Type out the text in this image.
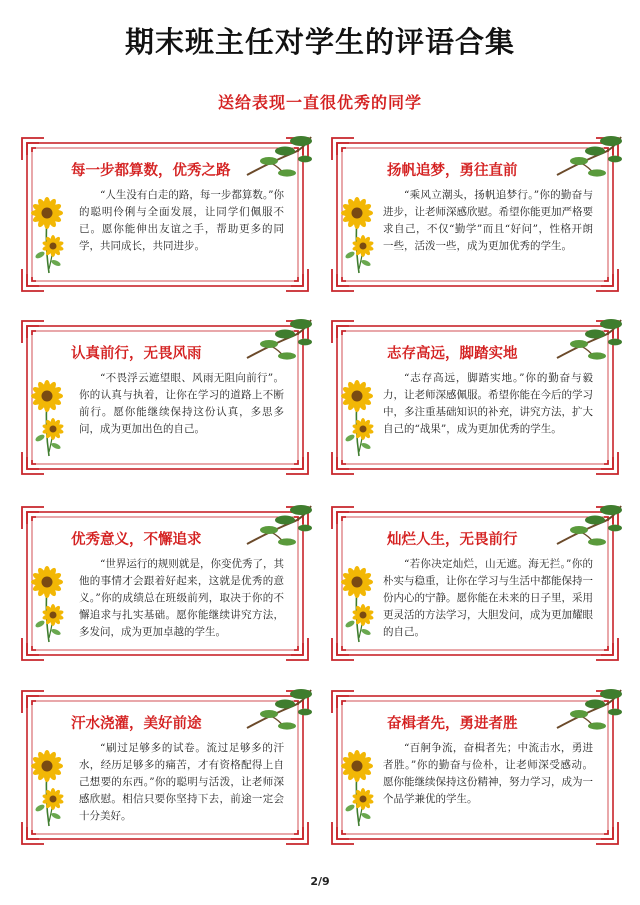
期末班主任对学生的评语合集
送给表现一直很优秀的同学
每一步都算数，优秀之路
“人生没有白走的路，每一步都算数。”你的聪明伶俐与全面发展，让同学们佩服不已。愿你能伸出友谊之手，帮助更多的同学，共同成长，共同进步。
扬帆追梦，勇往直前
“乘风立潮头，扬帆追梦行。”你的勤奋与进步，让老师深感欣慰。希望你能更加严格要求自己，不仅“勤学”而且“好问”，性格开朗一些，活泼一些，成为更加优秀的学生。
认真前行，无畏风雨
“不畏浮云遮望眼、风雨无阻向前行”。你的认真与执着，让你在学习的道路上不断前行。愿你能继续保持这份认真，多思多问，成为更加出色的自己。
志存高远，脚踏实地
“志存高远，脚踏实地。”你的勤奋与毅力，让老师深感佩服。希望你能在今后的学习中，多注重基础知识的补充，讲究方法，扩大自己的“战果”，成为更加优秀的学生。
优秀意义，不懈追求
“世界运行的规则就是，你变优秀了，其他的事情才会跟着好起来，这就是优秀的意义。”你的成绩总在班级前列，取决于你的不懈追求与扎实基础。愿你能继续讲究方法，多发问，成为更加卓越的学生。
灿烂人生，无畏前行
“若你决定灿烂，山无遮。海无拦。”你的朴实与稳重，让你在学习与生活中都能保持一份内心的宁静。愿你能在未来的日子里，采用更灵活的方法学习，大胆发问，成为更加耀眼的自己。
汗水浇灌，美好前途
“刷过足够多的试卷。流过足够多的汗水，经历足够多的痛苦，才有资格配得上自己想要的东西。”你的聪明与活泼，让老师深感欣慰。相信只要你坚持下去，前途一定会十分美好。
奋楫者先，勇进者胜
“百舸争流，奋楫者先；中流击水，勇进者胜。”你的勤奋与俭朴，让老师深受感动。愿你能继续保持这份精神，努力学习，成为一个品学兼优的学生。
2/9
